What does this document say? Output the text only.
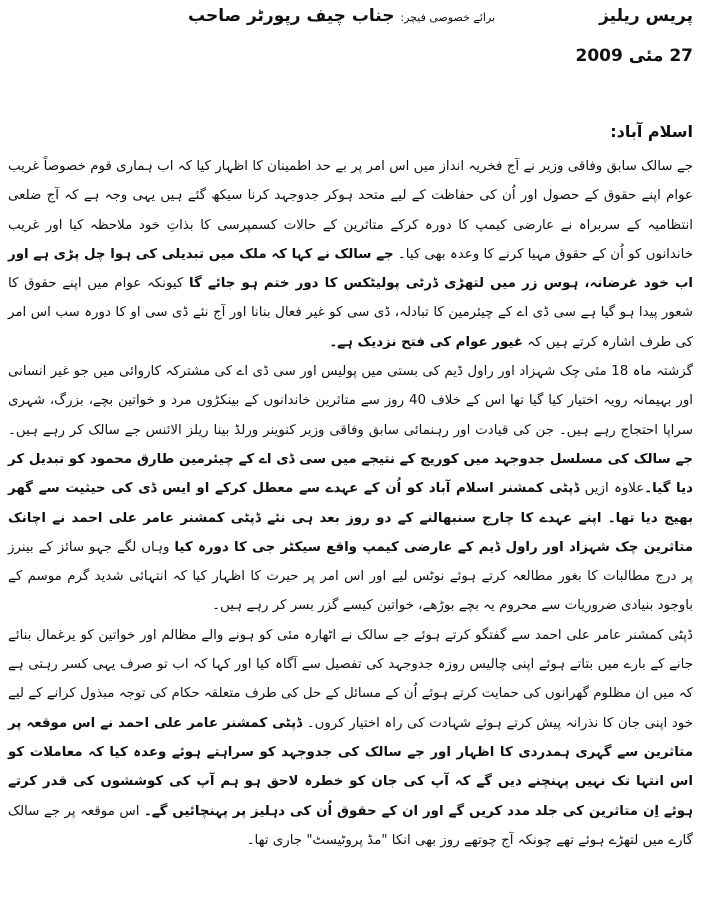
پریس ریلیز
برائے خصوصی فیچر: جناب چیف رپورٹر صاحب
27 مئی 2009
اسلام آباد:

جے سالک سابق وفاقی وزیر نے آج فخریہ انداز میں اس امر پر بے حد اطمینان کا اظہار کیا کہ اب ہماری قوم خصوصاً غریب عوام اپنے حقوق کے حصول اور اُن کی حفاظت کے لیے متحد ہوکر جدوجہد کرنا سیکھ گئے ہیں یہی وجہ ہے کہ آج ضلعی انتظامیہ کے سربراہ نے عارضی کیمپ کا دورہ کرکے متاثرین کے حالات کسمپرسی کا بذاتِ خود ملاحظہ کیا اور غریب خاندانوں کو اُن کے حقوق مہیا کرنے کا وعدہ بھی کیا۔ جے سالک نے کہا کہ ملک میں تبدیلی کی ہوا چل پڑی ہے اور اب خود غرضانہ، ہوس زر میں لتھڑی ڈرٹی پولیٹکس کا دور ختم ہو جائے گا کیونکہ عوام میں اپنے حقوق کا شعور پیدا ہو گیا ہے سی ڈی اے کے چیئرمین کا تبادلہ، ڈی سی کو غیر فعال بنانا اور آج نئے ڈی سی او کا دورہ سب اس امر کی طرف اشارہ کرتے ہیں کہ غیور عوام کی فتح نزدیک ہے۔

گزشتہ ماہ 18 مئی چک شہزاد اور راول ڈیم کی بستی میں پولیس اور سی ڈی اے کی مشترکہ کاروائی میں جو غیر انسانی اور بہیمانہ رویہ اختیار کیا گیا تھا اس کے خلاف 40 روز سے متاثرین خاندانوں کے بینکڑوں مرد و خواتین بچے، بزرگ، شہری سراپا احتجاج رہے ہیں۔ جن کی قیادت اور رہنمائی سابق وفاقی وزیر کنوینر ورلڈ بینا ریلز الائنس جے سالک کر رہے ہیں۔ جے سالک کی مسلسل جدوجہد میں کوریج کے نتیجے میں سی ڈی اے کے چیئرمین طارق محمود کو تبدیل کر دیا گیا۔علاوہ ازیں ڈپٹی کمشنر اسلام آباد کو اُن کے عہدے سے معطل کرکے او ایس ڈی کی حیثیت سے گھر بھیج دیا تھا۔ اپنے عہدے کا چارج سنبھالنے کے دو روز بعد ہی نئے ڈپٹی کمشنر عامر علی احمد نے اچانک متاثرین چک شہزاد اور راول ڈیم کے عارضی کیمپ واقع سیکٹر جی کا دورہ کیا وہاں لگے جہو سائز کے بینرز پر درج مطالبات کا بغور مطالعہ کرتے ہوئے نوٹس لیے اور اس امر پر حیرت کا اظہار کیا کہ انتہائی شدید گرم موسم کے باوجود بنیادی ضروریات سے محروم یہ بچے بوڑھے، خواتین کیسے گزر بسر کر رہے ہیں۔

ڈپٹی کمشنر عامر علی احمد سے گفتگو کرتے ہوئے جے سالک نے اٹھارہ مئی کو ہونے والے مظالم اور خواتین کو یرغمال بنائے جانے کے بارے میں بتاتے ہوئے اپنی چالیس روزہ جدوجہد کی تفصیل سے آگاہ کیا اور کہا کہ اب تو صرف یہی کسر رہتی ہے کہ میں ان مظلوم گھرانوں کی حمایت کرتے ہوئے اُن کے مسائل کے حل کی طرف متعلقہ حکام کی توجہ مبذول کرانے کے لیے خود اپنی جان کا نذرانہ پیش کرتے ہوئے شہادت کی راہ اختیار کروں۔ ڈپٹی کمشنر عامر علی احمد نے اس موقعہ پر متاثرین سے گہری ہمدردی کا اظہار اور جے سالک کی جدوجہد کو سراہتے ہوئے وعدہ کیا کہ معاملات کو اس انتہا تک نہیں پہنچنے دیں گے کہ آپ کی جان کو خطرہ لاحق ہو ہم آپ کی کوششوں کی قدر کرتے ہوئے اِن متاثرین کی جلد مدد کریں گے اور ان کے حقوق اُن کی دہلیز پر پہنچائیں گے۔ اس موقعہ پر جے سالک گارے میں لتھڑے ہوئے تھے چونکہ آج چوتھے روز بھی انکا "مڈ پروٹیسٹ" جاری تھا۔
